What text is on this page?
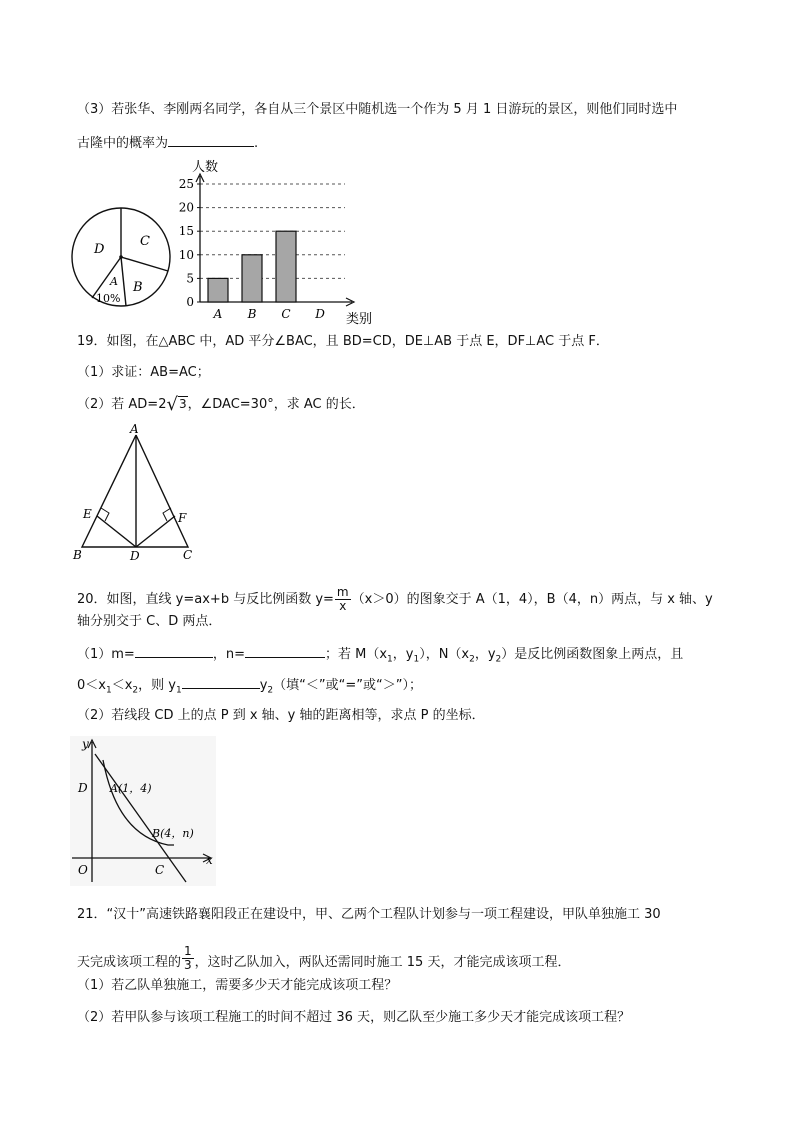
（3）若张华、李刚两名同学，各自从三个景区中随机选一个作为 5 月 1 日游玩的景区，则他们同时选中
古隆中的概率为	.
D
C
B
A
10%
人数
类别
0
5
10
15
20
25
A B C D
19．如图，在△ABC 中，AD 平分∠BAC，且 BD=CD，DE⊥AB 于点 E，DF⊥AC 于点 F．
（1）求证：AB=AC；
（2）若 AD=2√3，∠DAC=30°，求 AC 的长．
A
E	F
B	D	C
20．如图，直线 y=ax+b 与反比例函数 $y= \frac{m}{x} (x>0)$的图象交于 A（1，4），B（4，n）两点，与 x 轴、y
轴分别交于 C、D 两点．
（1）m=	，n=	；若 $M(x_1$，$y_1$），$N(x_2$，$y_2$）是反比例函数图象上两点，且
$0<x_1<x_2$，则 $y_1$	$y_2$（填“＜”或“=”或“＞”）；
（2）若线段 CD 上的点 P 到 x 轴、y 轴的距离相等，求点 P 的坐标．
y
x
O	C
D A(1，4)
B(4，n)
21．“汉十”高速铁路襄阳段正在建设中，甲、乙两个工程队计划参与一项工程建设，甲队单独施工 30
天完成该项工程的 $\frac{1}{3}$ ，这时乙队加入，两队还需同时施工 15 天，才能完成该项工程．
（1）若乙队单独施工，需要多少天才能完成该项工程？
（2）若甲队参与该项工程施工的时间不超过 36 天，则乙队至少施工多少天才能完成该项工程？
